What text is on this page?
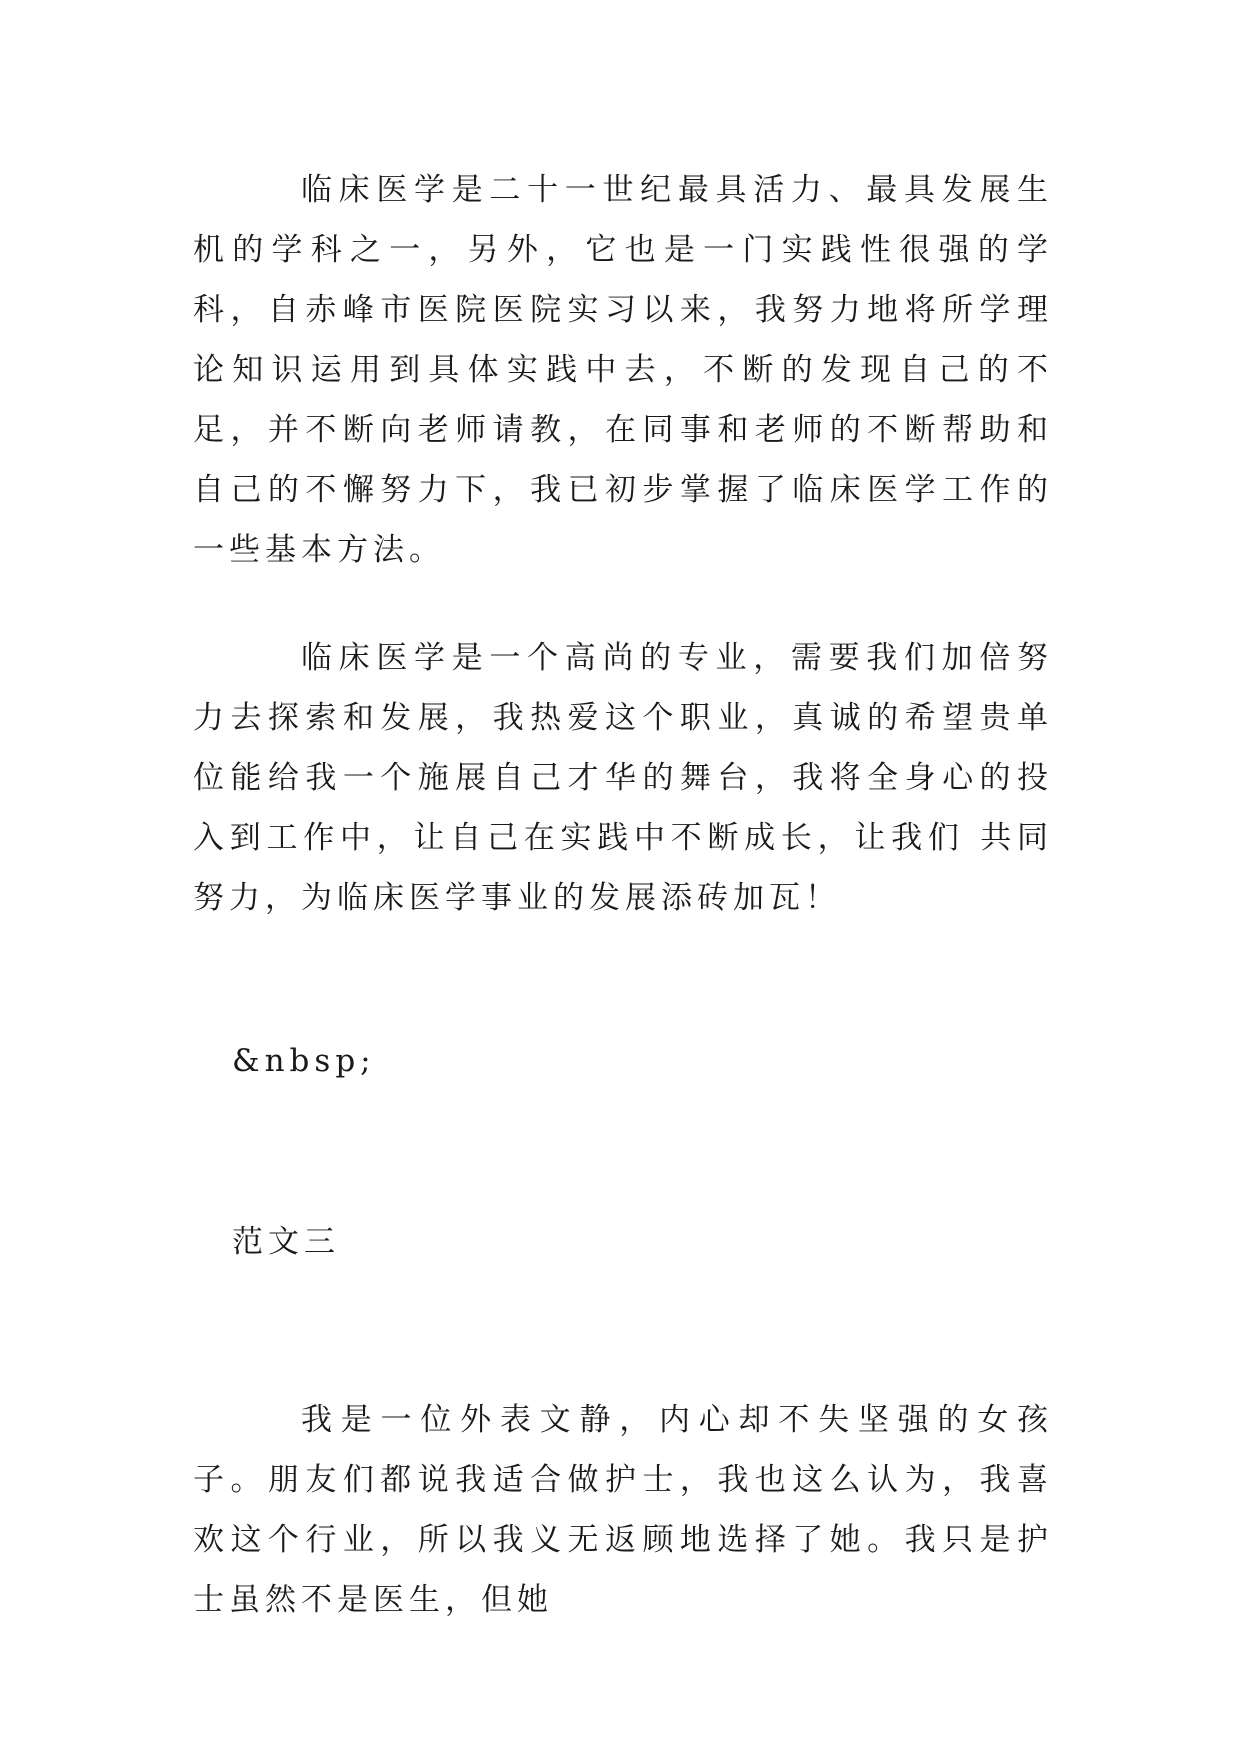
临床医学是二十一世纪最具活力、最具发展生机的学科之一，另外，它也是一门实践性很强的学科，自赤峰市医院医院实习以来，我努力地将所学理论知识运用到具体实践中去，不断的发现自己的不足，并不断向老师请教，在同事和老师的不断帮助和自己的不懈努力下，我已初步掌握了临床医学工作的一些基本方法。

临床医学是一个高尚的专业，需要我们加倍努力去探索和发展，我热爱这个职业，真诚的希望贵单位能给我一个施展自己才华的舞台，我将全身心的投入到工作中，让自己在实践中不断成长，让我们 共同努力，为临床医学事业的发展添砖加瓦！

&nbsp;

范文三

我是一位外表文静，内心却不失坚强的女孩子。朋友们都说我适合做护士，我也这么认为，我喜欢这个行业，所以我义无返顾地选择了她。我只是护士虽然不是医生，但她
